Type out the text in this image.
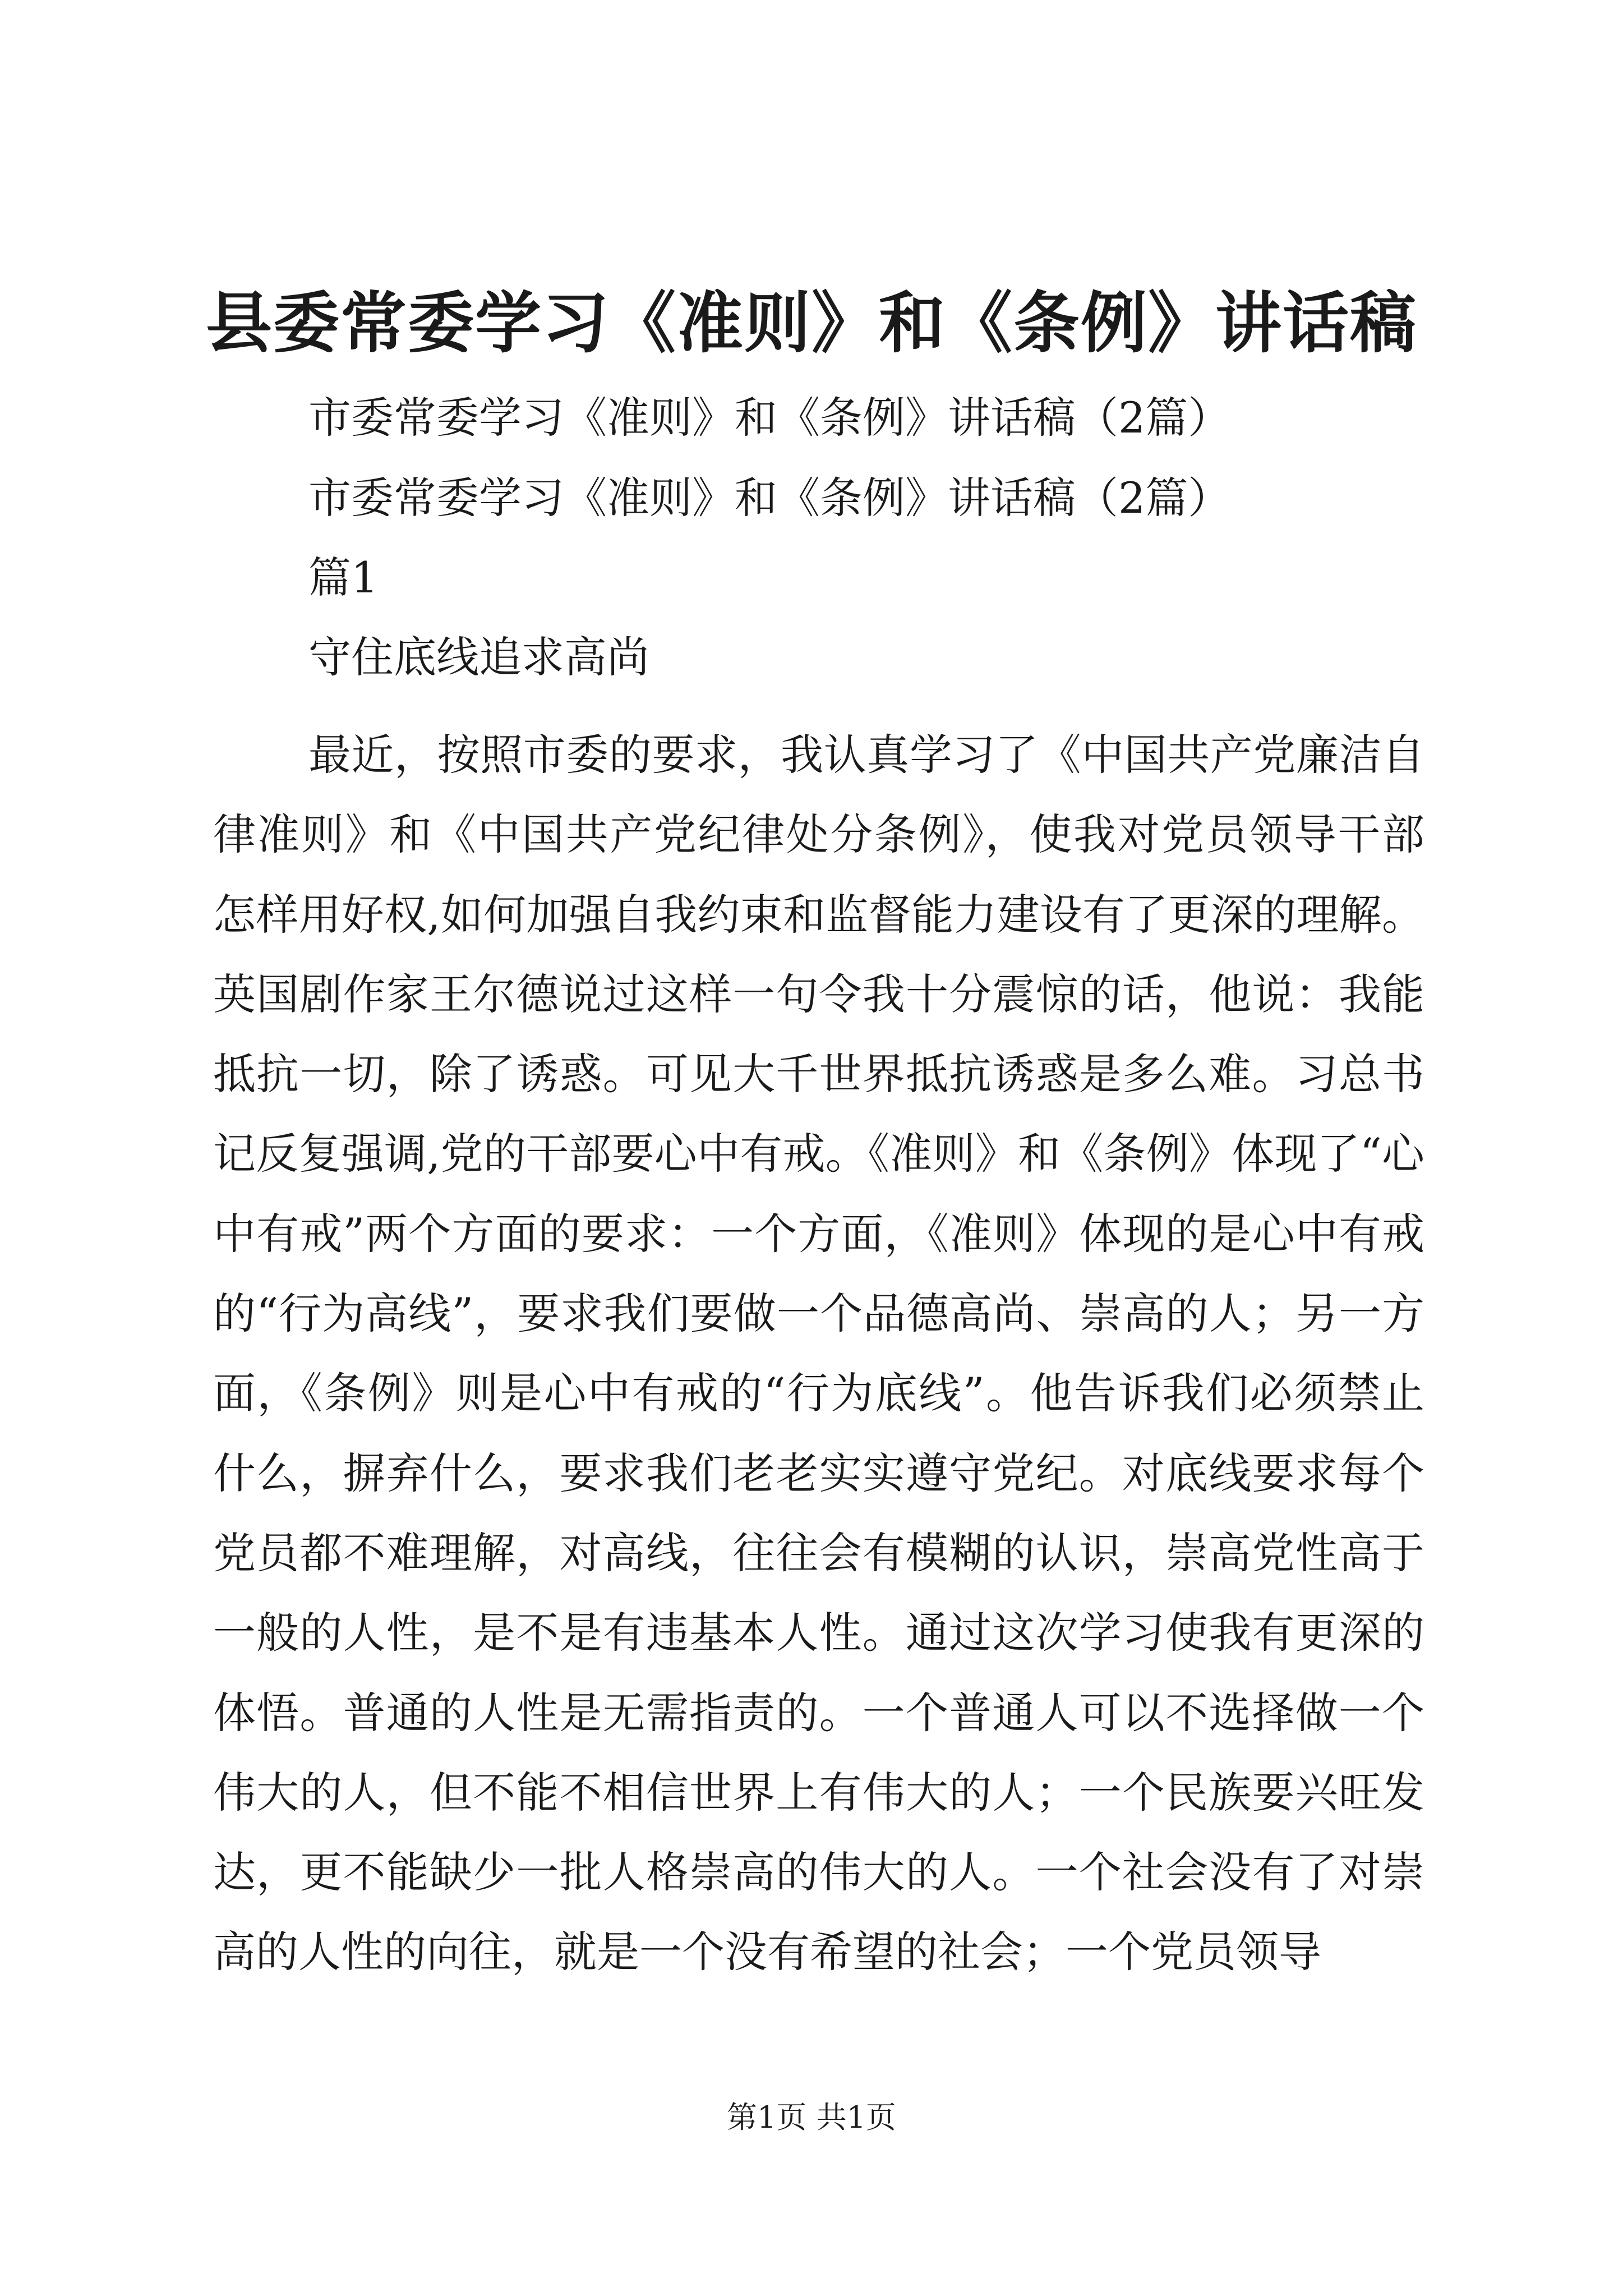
县委常委学习《准则》和《条例》讲话稿

市委常委学习《准则》和《条例》讲话稿（2篇）

市委常委学习《准则》和《条例》讲话稿（2篇）

篇1

守住底线追求高尚

最近，按照市委的要求，我认真学习了《中国共产党廉洁自律准则》和《中国共产党纪律处分条例》，使我对党员领导干部怎样用好权,如何加强自我约束和监督能力建设有了更深的理解。英国剧作家王尔德说过这样一句令我十分震惊的话，他说：我能抵抗一切，除了诱惑。可见大千世界抵抗诱惑是多么难。习总书记反复强调,党的干部要心中有戒。《准则》和《条例》体现了“心中有戒”两个方面的要求：一个方面，《准则》体现的是心中有戒的“行为高线”，要求我们要做一个品德高尚、崇高的人；另一方面，《条例》则是心中有戒的“行为底线”。他告诉我们必须禁止什么，摒弃什么，要求我们老老实实遵守党纪。对底线要求每个党员都不难理解，对高线，往往会有模糊的认识，崇高党性高于一般的人性，是不是有违基本人性。通过这次学习使我有更深的体悟。普通的人性是无需指责的。一个普通人可以不选择做一个伟大的人，但不能不相信世界上有伟大的人；一个民族要兴旺发达，更不能缺少一批人格崇高的伟大的人。一个社会没有了对崇高的人性的向往，就是一个没有希望的社会；一个党员领导

第1页 共1页
